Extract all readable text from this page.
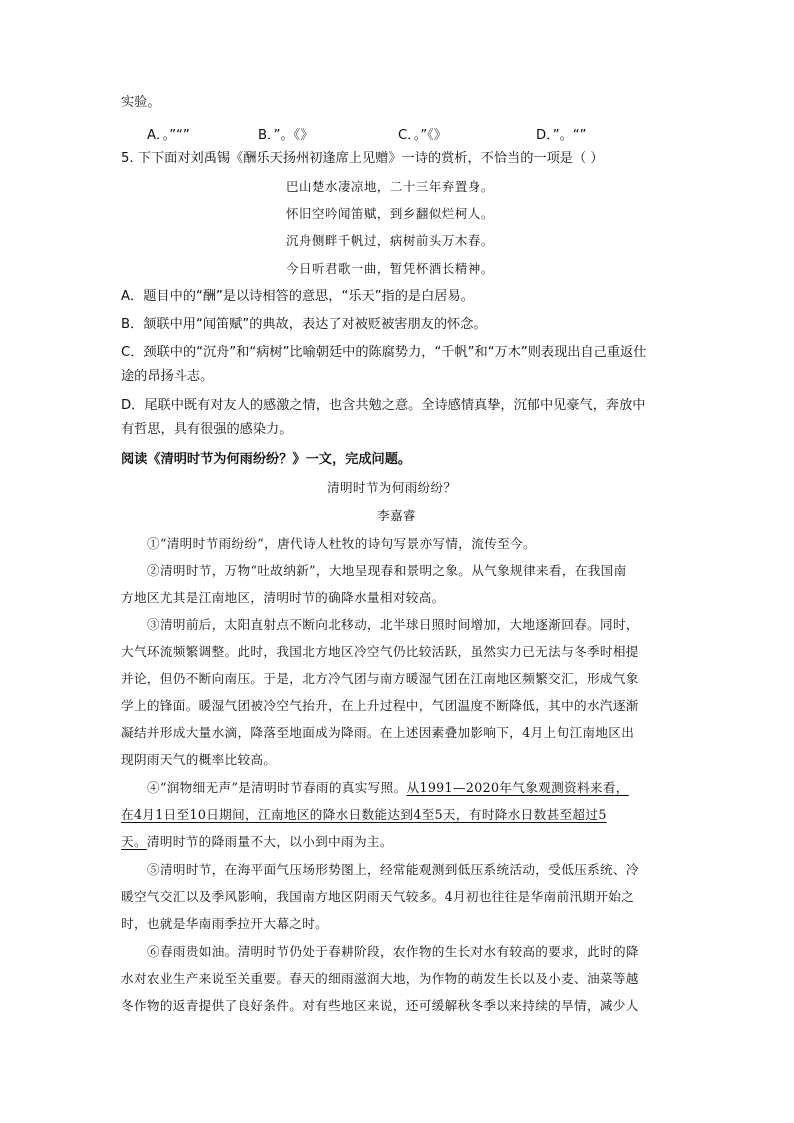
实验。
A．。”“”	B．”。《》	C．。”《》	D．”。“”
5. 下下面对刘禹锡《酬乐天扬州初逢席上见赠》一诗的赏析，不恰当的一项是（ ）
巴山楚水凄凉地，二十三年弃置身。
怀旧空吟闻笛赋，到乡翻似烂柯人。
沉舟侧畔千帆过，病树前头万木春。
今日听君歌一曲，暂凭杯酒长精神。
A．题目中的“酬”是以诗相答的意思，“乐天”指的是白居易。
B．颔联中用“闻笛赋”的典故，表达了对被贬被害朋友的怀念。
C．颈联中的“沉舟”和“病树”比喻朝廷中的陈腐势力，“千帆”和“万木”则表现出自己重返仕
途的昂扬斗志。
D．尾联中既有对友人的感激之情，也含共勉之意。全诗感情真挚，沉郁中见豪气，奔放中
有哲思，具有很强的感染力。
阅读《清明时节为何雨纷纷？》一文，完成问题。
清明时节为何雨纷纷？
李嘉睿
①“清明时节雨纷纷”，唐代诗人杜牧的诗句写景亦写情，流传至今。
②清明时节，万物“吐故纳新”，大地呈现春和景明之象。从气象规律来看，在我国南
方地区尤其是江南地区，清明时节的确降水量相对较高。
③清明前后，太阳直射点不断向北移动，北半球日照时间增加，大地逐渐回春。同时，
大气环流频繁调整。此时，我国北方地区冷空气仍比较活跃，虽然实力已无法与冬季时相提
并论，但仍不断向南压。于是，北方冷气团与南方暖湿气团在江南地区频繁交汇，形成气象
学上的锋面。暖湿气团被冷空气抬升，在上升过程中，气团温度不断降低，其中的水汽逐渐
凝结并形成大量水滴，降落至地面成为降雨。在上述因素叠加影响下，4月上旬江南地区出
现阴雨天气的概率比较高。
④“润物细无声”是清明时节春雨的真实写照。从1991—2020年气象观测资料来看，
在4月1日至10日期间，江南地区的降水日数能达到4至5天，有时降水日数甚至超过5
天。清明时节的降雨量不大，以小到中雨为主。
⑤清明时节，在海平面气压场形势图上，经常能观测到低压系统活动，受低压系统、冷
暖空气交汇以及季风影响，我国南方地区阴雨天气较多。4月初也往往是华南前汛期开始之
时，也就是华南雨季拉开大幕之时。
⑥春雨贵如油。清明时节仍处于春耕阶段，农作物的生长对水有较高的要求，此时的降
水对农业生产来说至关重要。春天的细雨滋润大地，为作物的萌发生长以及小麦、油菜等越
冬作物的返青提供了良好条件。对有些地区来说，还可缓解秋冬季以来持续的旱情，减少人
